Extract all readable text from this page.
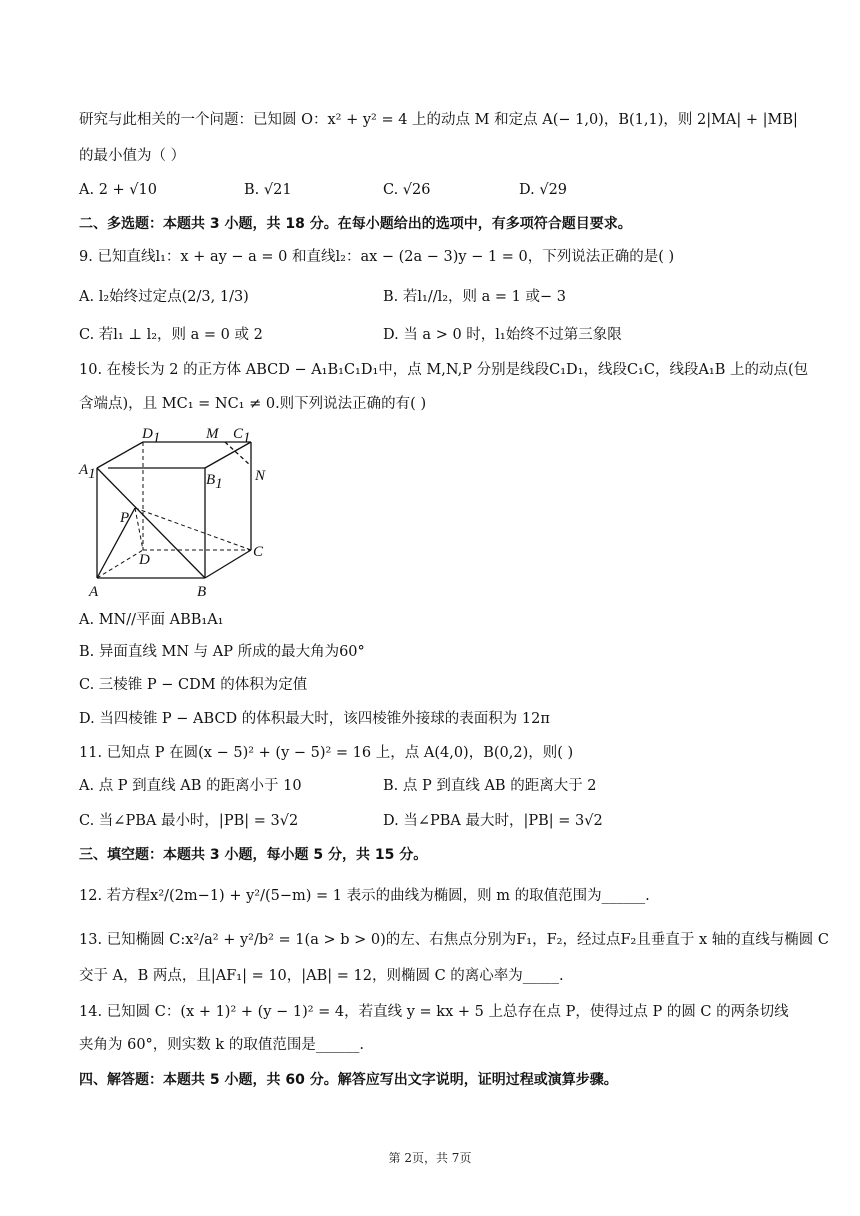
研究与此相关的一个问题：已知圆 O：x² + y² = 4 上的动点 M 和定点 A(− 1,0)，B(1,1)，则 2|MA| + |MB|
的最小值为（ ）
A. 2 + √10	B. √21	C. √26	D. √29
二、多选题：本题共 3 小题，共 18 分。在每小题给出的选项中，有多项符合题目要求。
9. 已知直线l₁：x + ay − a = 0 和直线l₂：ax − (2a − 3)y − 1 = 0，下列说法正确的是( )
A. l₂始终过定点(2/3, 1/3)	B. 若l₁//l₂，则 a = 1 或− 3
C. 若l₁ ⊥ l₂，则 a = 0 或 2	D. 当 a > 0 时，l₁始终不过第三象限
10. 在棱长为 2 的正方体 ABCD − A₁B₁C₁D₁中，点 M,N,P 分别是线段C₁D₁，线段C₁C，线段A₁B 上的动点(包
含端点)，且 MC₁ = NC₁ ≠ 0.则下列说法正确的有( )
D1	M C1
A1	B1 N
P
D	C
A	B
A. MN//平面 ABB₁A₁
B. 异面直线 MN 与 AP 所成的最大角为60°
C. 三棱锥 P − CDM 的体积为定值
D. 当四棱锥 P − ABCD 的体积最大时，该四棱锥外接球的表面积为 12π
11. 已知点 P 在圆(x − 5)² + (y − 5)² = 16 上，点 A(4,0)，B(0,2)，则( )
A. 点 P 到直线 AB 的距离小于 10	B. 点 P 到直线 AB 的距离大于 2
C. 当∠PBA 最小时，|PB| = 3√2	D. 当∠PBA 最大时，|PB| = 3√2
三、填空题：本题共 3 小题，每小题 5 分，共 15 分。
12. 若方程x²/(2m−1) + y²/(5−m) = 1 表示的曲线为椭圆，则 m 的取值范围为______.
13. 已知椭圆 C:x²/a² + y²/b² = 1(a > b > 0)的左、右焦点分别为F₁，F₂，经过点F₂且垂直于 x 轴的直线与椭圆 C
交于 A，B 两点，且|AF₁| = 10，|AB| = 12，则椭圆 C 的离心率为_____.
14. 已知圆 C：(x + 1)² + (y − 1)² = 4，若直线 y = kx + 5 上总存在点 P，使得过点 P 的圆 C 的两条切线
夹角为 60°，则实数 k 的取值范围是______.
四、解答题：本题共 5 小题，共 60 分。解答应写出文字说明，证明过程或演算步骤。
第 2页，共 7页
